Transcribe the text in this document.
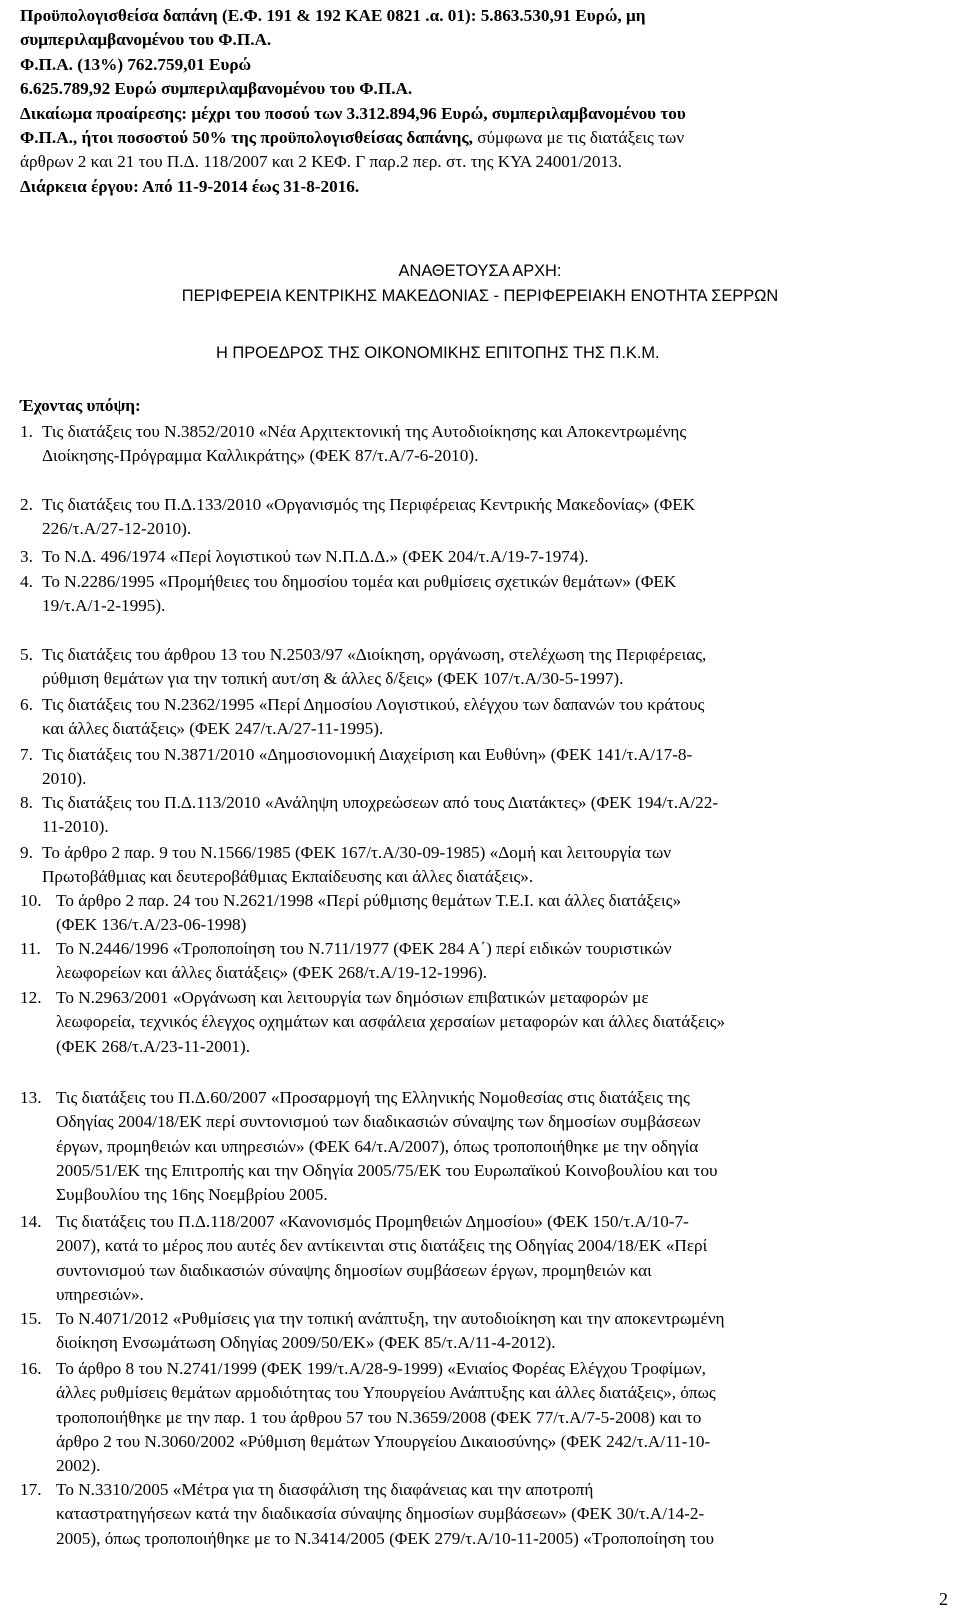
Προϋπολογισθείσα δαπάνη (Ε.Φ. 191 & 192 ΚΑΕ 0821 .α. 01): 5.863.530,91 Ευρώ, μη
συμπεριλαμβανομένου του Φ.Π.Α.
Φ.Π.Α. (13%) 762.759,01 Ευρώ
6.625.789,92 Ευρώ συμπεριλαμβανομένου του Φ.Π.Α.
Δικαίωμα προαίρεσης: μέχρι του ποσού των 3.312.894,96 Ευρώ, συμπεριλαμβανομένου του
Φ.Π.Α., ήτοι ποσοστού 50% της προϋπολογισθείσας δαπάνης, σύμφωνα με τις διατάξεις των
άρθρων 2 και 21 του Π.Δ. 118/2007 και 2 ΚΕΦ. Γ παρ.2 περ. στ. της ΚΥΑ 24001/2013.
Διάρκεια έργου: Από 11-9-2014 έως 31-8-2016.
ΑΝΑΘΕΤΟΥΣΑ ΑΡΧΗ:
ΠΕΡΙΦΕΡΕΙΑ ΚΕΝΤΡΙΚΗΣ ΜΑΚΕΔΟΝΙΑΣ - ΠΕΡΙΦΕΡΕΙΑΚΗ ΕΝΟΤΗΤΑ ΣΕΡΡΩΝ
Η ΠΡΟΕΔΡΟΣ ΤΗΣ ΟΙΚΟΝΟΜΙΚΗΣ ΕΠΙΤΟΠΗΣ ΤΗΣ Π.Κ.Μ.
Έχοντας υπόψη:
1. Τις διατάξεις του Ν.3852/2010 «Νέα Αρχιτεκτονική της Αυτοδιοίκησης και Αποκεντρωμένης
Διοίκησης-Πρόγραμμα Καλλικράτης» (ΦΕΚ 87/τ.Α/7-6-2010).
2. Τις διατάξεις του Π.Δ.133/2010 «Οργανισμός της Περιφέρειας Κεντρικής Μακεδονίας» (ΦΕΚ
226/τ.Α/27-12-2010).
3. Το Ν.Δ. 496/1974 «Περί λογιστικού των Ν.Π.Δ.Δ.» (ΦΕΚ 204/τ.Α/19-7-1974).
4. Το Ν.2286/1995 «Προμήθειες του δημοσίου τομέα και ρυθμίσεις σχετικών θεμάτων» (ΦΕΚ
19/τ.Α/1-2-1995).
5. Τις διατάξεις του άρθρου 13 του Ν.2503/97 «Διοίκηση, οργάνωση, στελέχωση της Περιφέρειας,
ρύθμιση θεμάτων για την τοπική αυτ/ση & άλλες δ/ξεις» (ΦΕΚ 107/τ.Α/30-5-1997).
6. Τις διατάξεις του Ν.2362/1995 «Περί Δημοσίου Λογιστικού, ελέγχου των δαπανών του κράτους
και άλλες διατάξεις» (ΦΕΚ 247/τ.Α/27-11-1995).
7. Τις διατάξεις του Ν.3871/2010 «Δημοσιονομική Διαχείριση και Ευθύνη» (ΦΕΚ 141/τ.Α/17-8-
2010).
8. Τις διατάξεις του Π.Δ.113/2010 «Ανάληψη υποχρεώσεων από τους Διατάκτες» (ΦΕΚ 194/τ.Α/22-
11-2010).
9. Το άρθρο 2 παρ. 9 του Ν.1566/1985 (ΦΕΚ 167/τ.Α/30-09-1985) «Δομή και λειτουργία των
Πρωτοβάθμιας και δευτεροβάθμιας Εκπαίδευσης και άλλες διατάξεις».
10. Το άρθρο 2 παρ. 24 του Ν.2621/1998 «Περί ρύθμισης θεμάτων Τ.Ε.Ι. και άλλες διατάξεις»
(ΦΕΚ 136/τ.Α/23-06-1998)
11. Το Ν.2446/1996 «Τροποποίηση του Ν.711/1977 (ΦΕΚ 284 Α΄) περί ειδικών τουριστικών
λεωφορείων και άλλες διατάξεις» (ΦΕΚ 268/τ.Α/19-12-1996).
12. Το Ν.2963/2001 «Οργάνωση και λειτουργία των δημόσιων επιβατικών μεταφορών με
λεωφορεία, τεχνικός έλεγχος οχημάτων και ασφάλεια χερσαίων μεταφορών και άλλες διατάξεις»
(ΦΕΚ 268/τ.Α/23-11-2001).
13. Τις διατάξεις του Π.Δ.60/2007 «Προσαρμογή της Ελληνικής Νομοθεσίας στις διατάξεις της
Οδηγίας 2004/18/ΕΚ περί συντονισμού των διαδικασιών σύναψης των δημοσίων συμβάσεων
έργων, προμηθειών και υπηρεσιών» (ΦΕΚ 64/τ.Α/2007), όπως τροποποιήθηκε με την οδηγία
2005/51/ΕΚ της Επιτροπής και την Οδηγία 2005/75/ΕΚ του Ευρωπαϊκού Κοινοβουλίου και του
Συμβουλίου της 16ης Νοεμβρίου 2005.
14. Τις διατάξεις του Π.Δ.118/2007 «Κανονισμός Προμηθειών Δημοσίου» (ΦΕΚ 150/τ.Α/10-7-
2007), κατά το μέρος που αυτές δεν αντίκεινται στις διατάξεις της Οδηγίας 2004/18/ΕΚ «Περί
συντονισμού των διαδικασιών σύναψης δημοσίων συμβάσεων έργων, προμηθειών και
υπηρεσιών».
15. Το Ν.4071/2012 «Ρυθμίσεις για την τοπική ανάπτυξη, την αυτοδιοίκηση και την αποκεντρωμένη
διοίκηση Ενσωμάτωση Οδηγίας 2009/50/ΕΚ» (ΦΕΚ 85/τ.Α/11-4-2012).
16. Το άρθρο 8 του Ν.2741/1999 (ΦΕΚ 199/τ.Α/28-9-1999) «Ενιαίος Φορέας Ελέγχου Τροφίμων,
άλλες ρυθμίσεις θεμάτων αρμοδιότητας του Υπουργείου Ανάπτυξης και άλλες διατάξεις», όπως
τροποποιήθηκε με την παρ. 1 του άρθρου 57 του Ν.3659/2008 (ΦΕΚ 77/τ.Α/7-5-2008) και το
άρθρο 2 του Ν.3060/2002 «Ρύθμιση θεμάτων Υπουργείου Δικαιοσύνης» (ΦΕΚ 242/τ.Α/11-10-
2002).
17. Το Ν.3310/2005 «Μέτρα για τη διασφάλιση της διαφάνειας και την αποτροπή
καταστρατηγήσεων κατά την διαδικασία σύναψης δημοσίων συμβάσεων» (ΦΕΚ 30/τ.Α/14-2-
2005), όπως τροποποιήθηκε με το Ν.3414/2005 (ΦΕΚ 279/τ.Α/10-11-2005) «Τροποποίηση του
2
